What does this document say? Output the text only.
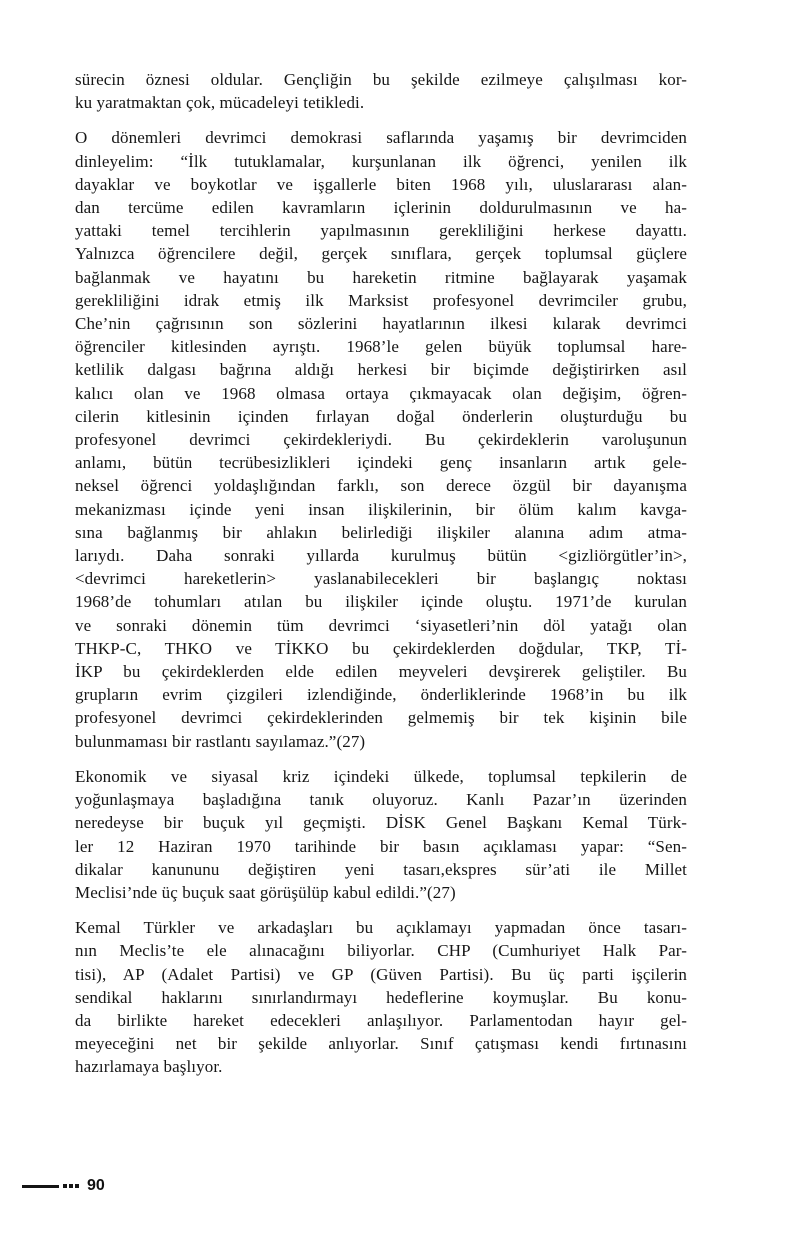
sürecin öznesi oldular. Gençliğin bu şekilde ezilmeye çalışılması kor-
ku yaratmaktan çok, mücadeleyi tetikledi.

O dönemleri devrimci demokrasi saflarında yaşamış bir devrimciden
dinleyelim: “İlk tutuklamalar, kurşunlanan ilk öğrenci, yenilen ilk
dayaklar ve boykotlar ve işgallerle biten 1968 yılı, uluslararası alan-
dan tercüme edilen kavramların içlerinin doldurulmasının ve ha-
yattaki temel tercihlerin yapılmasının gerekliliğini herkese dayattı.
Yalnızca öğrencilere değil, gerçek sınıflara, gerçek toplumsal güçlere
bağlanmak ve hayatını bu hareketin ritmine bağlayarak yaşamak
gerekliliğini idrak etmiş ilk Marksist profesyonel devrimciler grubu,
Che’nin çağrısının son sözlerini hayatlarının ilkesi kılarak devrimci
öğrenciler kitlesinden ayrıştı. 1968’le gelen büyük toplumsal hare-
ketlilik dalgası bağrına aldığı herkesi bir biçimde değiştirirken asıl
kalıcı olan ve 1968 olmasa ortaya çıkmayacak olan değişim, öğren-
cilerin kitlesinin içinden fırlayan doğal önderlerin oluşturduğu bu
profesyonel devrimci çekirdekleriydi. Bu çekirdeklerin varoluşunun
anlamı, bütün tecrübesizlikleri içindeki genç insanların artık gele-
neksel öğrenci yoldaşlığından farklı, son derece özgül bir dayanışma
mekanizması içinde yeni insan ilişkilerinin, bir ölüm kalım kavga-
sına bağlanmış bir ahlakın belirlediği ilişkiler alanına adım atma-
larıydı. Daha sonraki yıllarda kurulmuş bütün <gizliörgütler’in>,
<devrimci hareketlerin> yaslanabilecekleri bir başlangıç noktası
1968’de tohumları atılan bu ilişkiler içinde oluştu. 1971’de kurulan
ve sonraki dönemin tüm devrimci ‘siyasetleri’nin döl yatağı olan
THKP-C, THKO ve TİKKO bu çekirdeklerden doğdular, TKP, Tİ-
İKP bu çekirdeklerden elde edilen meyveleri devşirerek geliştiler. Bu
grupların evrim çizgileri izlendiğinde, önderliklerinde 1968’in bu ilk
profesyonel devrimci çekirdeklerinden gelmemiş bir tek kişinin bile
bulunmaması bir rastlantı sayılamaz.”(27)

Ekonomik ve siyasal kriz içindeki ülkede, toplumsal tepkilerin de
yoğunlaşmaya başladığına tanık oluyoruz. Kanlı Pazar’ın üzerinden
neredeyse bir buçuk yıl geçmişti. DİSK Genel Başkanı Kemal Türk-
ler 12 Haziran 1970 tarihinde bir basın açıklaması yapar: “Sen-
dikalar kanununu değiştiren yeni tasarı,ekspres sür’ati ile Millet
Meclisi’nde üç buçuk saat görüşülüp kabul edildi.”(27)

Kemal Türkler ve arkadaşları bu açıklamayı yapmadan önce tasarı-
nın Meclis’te ele alınacağını biliyorlar. CHP (Cumhuriyet Halk Par-
tisi), AP (Adalet Partisi) ve GP (Güven Partisi). Bu üç parti işçilerin
sendikal haklarını sınırlandırmayı hedeflerine koymuşlar. Bu konu-
da birlikte hareket edecekleri anlaşılıyor. Parlamentodan hayır gel-
meyeceğini net bir şekilde anlıyorlar. Sınıf çatışması kendi fırtınasını
hazırlamaya başlıyor.

90
